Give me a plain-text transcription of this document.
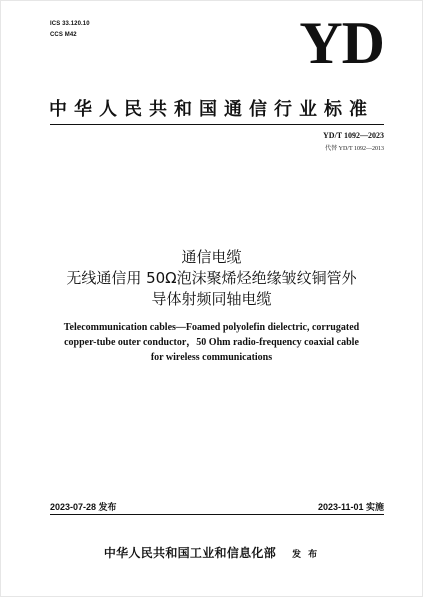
ICS 33.120.10
CCS M42	YD
中华人民共和国通信行业标准
YD/T 1092—2023
代替 YD/T 1092—2013
通信电缆
无线通信用 50Ω泡沫聚烯烃绝缘皱纹铜管外
导体射频同轴电缆
Telecommunication cables—Foamed polyolefin dielectric, corrugated
copper-tube outer conductor，50 Ohm radio-frequency coaxial cable
for wireless communications
2023-07-28 发布	2023-11-01 实施
中华人民共和国工业和信息化部 发 布
